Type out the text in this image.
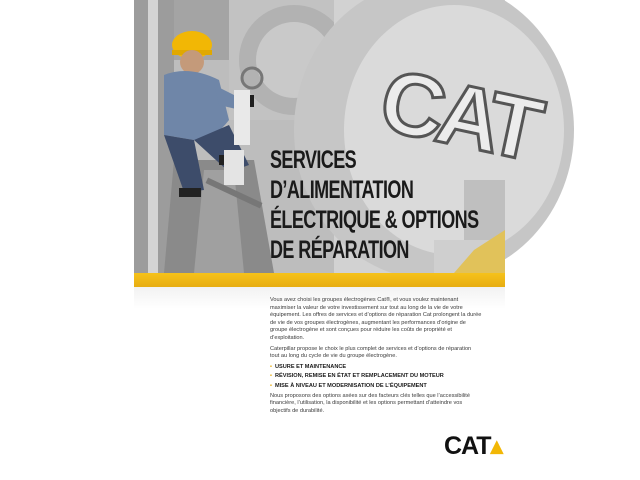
CAT
SERVICES
D’ALIMENTATION
ÉLECTRIQUE & OPTIONS
DE RÉPARATION

Vous avez choisi les groupes électrogènes Cat®, et vous voulez maintenant maximiser la valeur de votre investissement sur tout au long de la vie de votre équipement. Les offres de services et d’options de réparation Cat prolongent la durée de vie de vos groupes électrogènes, augmentant les performances d’origine de groupe électrogène et sont conçues pour réduire les coûts de propriété et d’exploitation.

Caterpillar propose le choix le plus complet de services et d’options de réparation tout au long du cycle de vie du groupe électrogène.

• USURE ET MAINTENANCE
• RÉVISION, REMISE EN ÉTAT ET REMPLACEMENT DU MOTEUR
• MISE À NIVEAU ET MODERNISATION DE L’ÉQUIPEMENT

Nous proposons des options axées sur des facteurs clés telles que l’accessibilité financière, l’utilisation, la disponibilité et les options permettant d’atteindre vos objectifs de durabilité.

CAT▴
